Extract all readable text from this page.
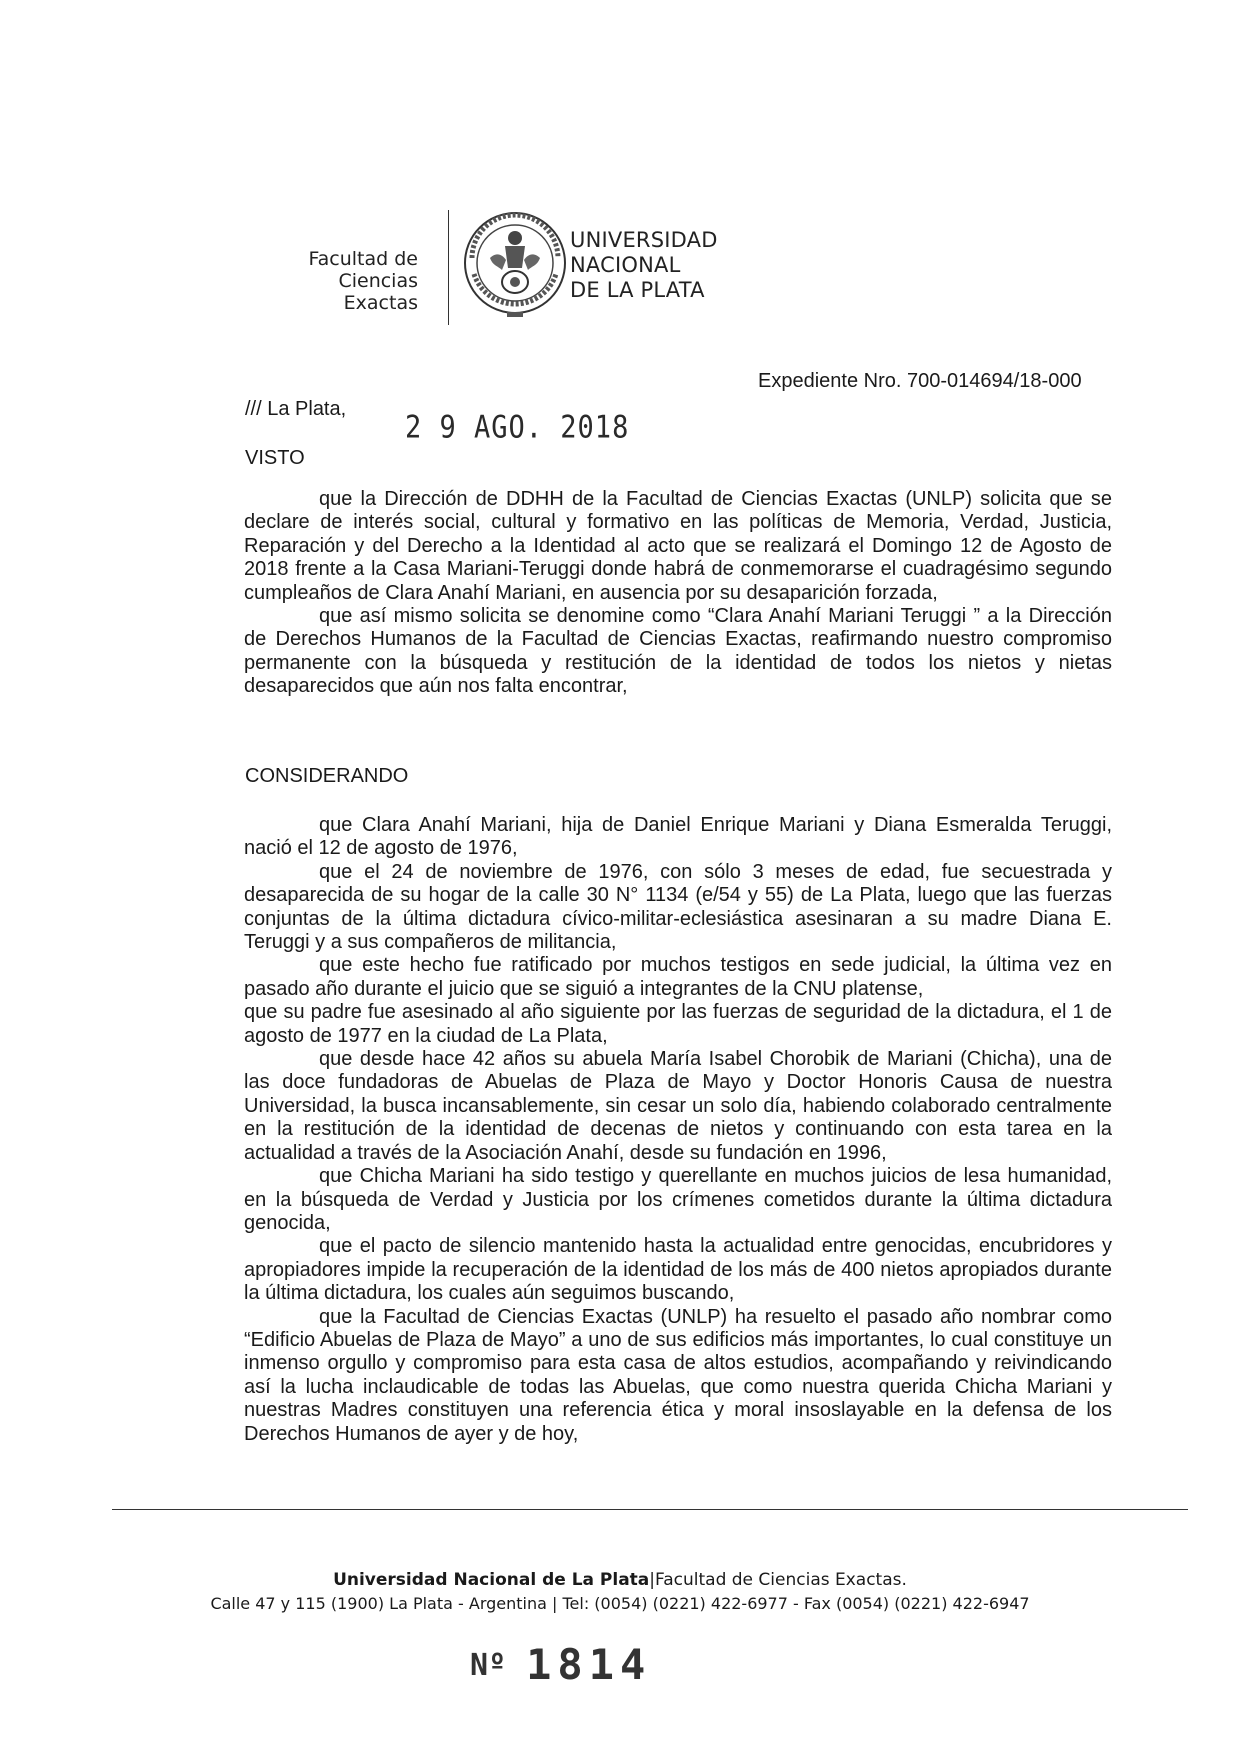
Facultad de
Ciencias Exactas
UNIVERSIDAD
NACIONAL
DE LA PLATA
Expediente Nro. 700-014694/18-000
/// La Plata,
2 9 AGO. 2018
VISTO

que la Dirección de DDHH de la Facultad de Ciencias Exactas (UNLP) solicita que se declare de interés social, cultural y formativo en las políticas de Memoria, Verdad, Justicia, Reparación y del Derecho a la Identidad al acto que se realizará el Domingo 12 de Agosto de 2018 frente a la Casa Mariani-Teruggi donde habrá de conmemorarse el cuadragésimo segundo cumpleaños de Clara Anahí Mariani, en ausencia por su desaparición forzada,

que así mismo solicita se denomine como “Clara Anahí Mariani Teruggi ” a la Dirección de Derechos Humanos de la Facultad de Ciencias Exactas, reafirmando nuestro compromiso permanente con la búsqueda y restitución de la identidad de todos los nietos y nietas desaparecidos que aún nos falta encontrar,

CONSIDERANDO

que Clara Anahí Mariani, hija de Daniel Enrique Mariani y Diana Esmeralda Teruggi, nació el 12 de agosto de 1976,

que el 24 de noviembre de 1976, con sólo 3 meses de edad, fue secuestrada y desaparecida de su hogar de la calle 30 N° 1134 (e/54 y 55) de La Plata, luego que las fuerzas conjuntas de la última dictadura cívico-militar-eclesiástica asesinaran a su madre Diana E. Teruggi y a sus compañeros de militancia,

que este hecho fue ratificado por muchos testigos en sede judicial, la última vez en pasado año durante el juicio que se siguió a integrantes de la CNU platense,

que su padre fue asesinado al año siguiente por las fuerzas de seguridad de la dictadura, el 1 de agosto de 1977 en la ciudad de La Plata,

que desde hace 42 años su abuela María Isabel Chorobik de Mariani (Chicha), una de las doce fundadoras de Abuelas de Plaza de Mayo y Doctor Honoris Causa de nuestra Universidad, la busca incansablemente, sin cesar un solo día, habiendo colaborado centralmente en la restitución de la identidad de decenas de nietos y continuando con esta tarea en la actualidad a través de la Asociación Anahí, desde su fundación en 1996,

que Chicha Mariani ha sido testigo y querellante en muchos juicios de lesa humanidad, en la búsqueda de Verdad y Justicia por los crímenes cometidos durante la última dictadura genocida,

que el pacto de silencio mantenido hasta la actualidad entre genocidas, encubridores y apropiadores impide la recuperación de la identidad de los más de 400 nietos apropiados durante la última dictadura, los cuales aún seguimos buscando,

que la Facultad de Ciencias Exactas (UNLP) ha resuelto el pasado año nombrar como “Edificio Abuelas de Plaza de Mayo” a uno de sus edificios más importantes, lo cual constituye un inmenso orgullo y compromiso para esta casa de altos estudios, acompañando y reivindicando así la lucha inclaudicable de todas las Abuelas, que como nuestra querida Chicha Mariani y nuestras Madres constituyen una referencia ética y moral insoslayable en la defensa de los Derechos Humanos de ayer y de hoy,

Universidad Nacional de La Plata|Facultad de Ciencias Exactas.
Calle 47 y 115 (1900) La Plata - Argentina | Tel: (0054) (0221) 422-6977 - Fax (0054) (0221) 422-6947
Nº 1814
